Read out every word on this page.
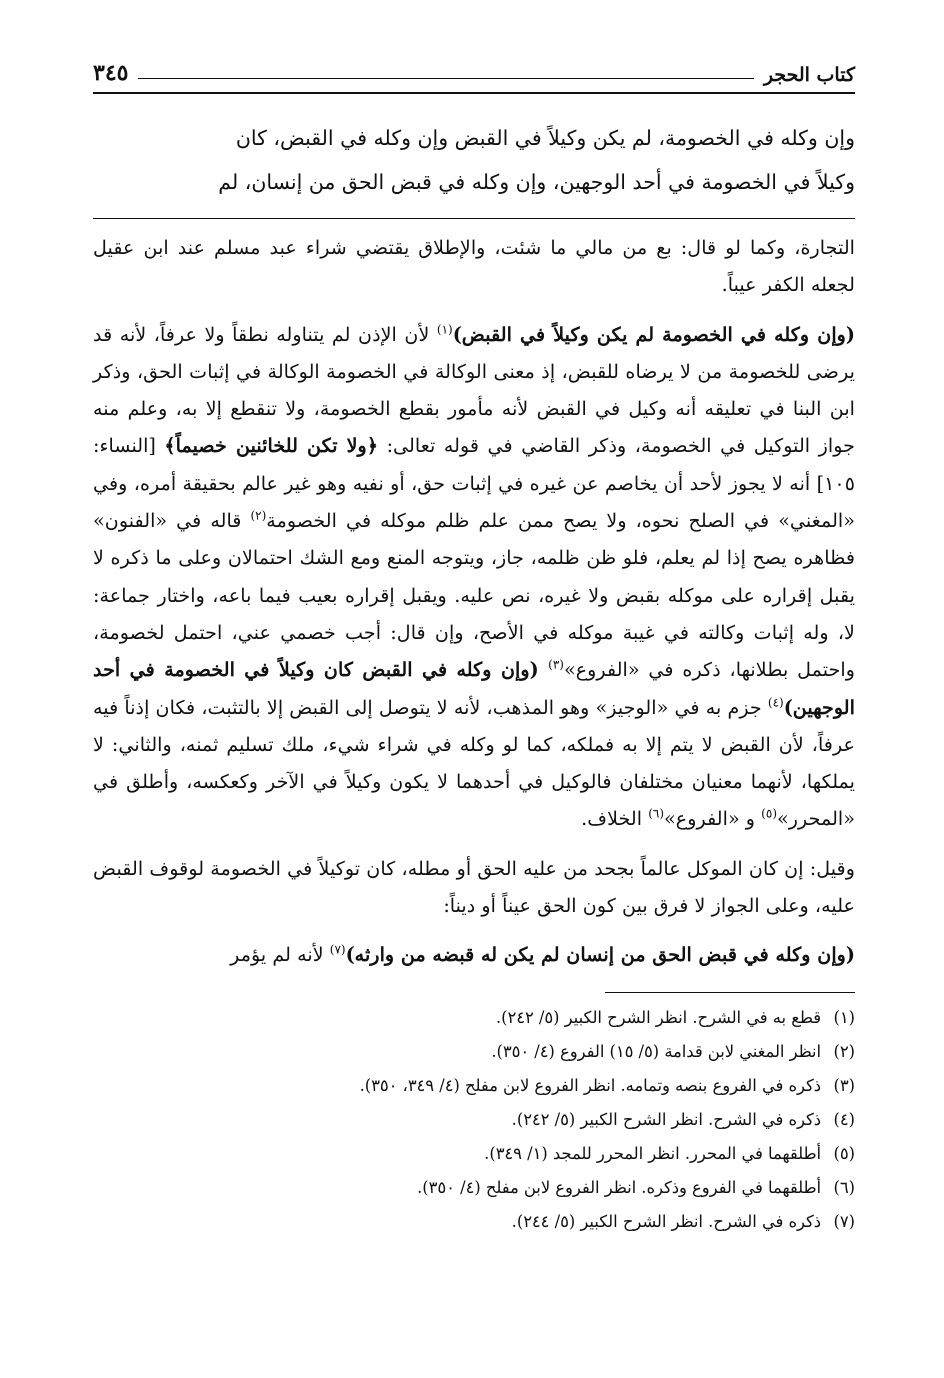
كتاب الحجر
٣٤٥

وإن وكله في الخصومة، لم يكن وكيلاً في القبض وإن وكله في القبض، كان

وكيلاً في الخصومة في أحد الوجهين، وإن وكله في قبض الحق من إنسان، لم

التجارة، وكما لو قال: بع من مالي ما شئت، والإطلاق يقتضي شراء عبد مسلم عند ابن عقيل لجعله الكفر عيباً.

(وإن وكله في الخصومة لم يكن وكيلاً في القبض)$^{(١)}$ لأن الإذن لم يتناوله نطقاً ولا عرفاً، لأنه قد يرضى للخصومة من لا يرضاه للقبض، إذ معنى الوكالة في الخصومة الوكالة في إثبات الحق، وذكر ابن البنا في تعليقه أنه وكيل في القبض لأنه مأمور بقطع الخصومة، ولا تنقطع إلا به، وعلم منه جواز التوكيل في الخصومة، وذكر القاضي في قوله تعالى: ﴿ولا تكن للخائنين خصيماً﴾ [النساء: ١٠٥] أنه لا يجوز لأحد أن يخاصم عن غيره في إثبات حق، أو نفيه وهو غير عالم بحقيقة أمره، وفي «المغني» في الصلح نحوه، ولا يصح ممن علم ظلم موكله في الخصومة$^{(٢)}$ قاله في «الفنون» فظاهره يصح إذا لم يعلم، فلو ظن ظلمه، جاز، ويتوجه المنع ومع الشك احتمالان وعلى ما ذكره لا يقبل إقراره على موكله بقبض ولا غيره، نص عليه. ويقبل إقراره بعيب فيما باعه، واختار جماعة: لا، وله إثبات وكالته في غيبة موكله في الأصح، وإن قال: أجب خصمي عني، احتمل لخصومة، واحتمل بطلانها، ذكره في «الفروع»$^{(٣)}$ (وإن وكله في القبض كان وكيلاً في الخصومة في أحد الوجهين)$^{(٤)}$ جزم به في «الوجيز» وهو المذهب، لأنه لا يتوصل إلى القبض إلا بالتثبت، فكان إذناً فيه عرفاً، لأن القبض لا يتم إلا به فملكه، كما لو وكله في شراء شيء، ملك تسليم ثمنه، والثاني: لا يملكها، لأنهما معنيان مختلفان فالوكيل في أحدهما لا يكون وكيلاً في الآخر وكعكسه، وأطلق في «المحرر»$^{(٥)}$ و «الفروع»$^{(٦)}$ الخلاف.

وقيل: إن كان الموكل عالماً بجحد من عليه الحق أو مطله، كان توكيلاً في الخصومة لوقوف القبض عليه، وعلى الجواز لا فرق بين كون الحق عيناً أو ديناً:

(وإن وكله في قبض الحق من إنسان لم يكن له قبضه من وارثه)$^{(٧)}$ لأنه لم يؤمر

(١)
قطع به في الشرح. انظر الشرح الكبير (٥/ ٢٤٢).
(٢)
انظر المغني لابن قدامة (٥/ ١٥) الفروع (٤/ ٣٥٠).
(٣)
ذكره في الفروع بنصه وتمامه. انظر الفروع لابن مفلح (٤/ ٣٤٩، ٣٥٠).
(٤)
ذكره في الشرح. انظر الشرح الكبير (٥/ ٢٤٢).
(٥)
أطلقهما في المحرر. انظر المحرر للمجد (١/ ٣٤٩).
(٦)
أطلقهما في الفروع وذكره. انظر الفروع لابن مفلح (٤/ ٣٥٠).
(٧)
ذكره في الشرح. انظر الشرح الكبير (٥/ ٢٤٤).
